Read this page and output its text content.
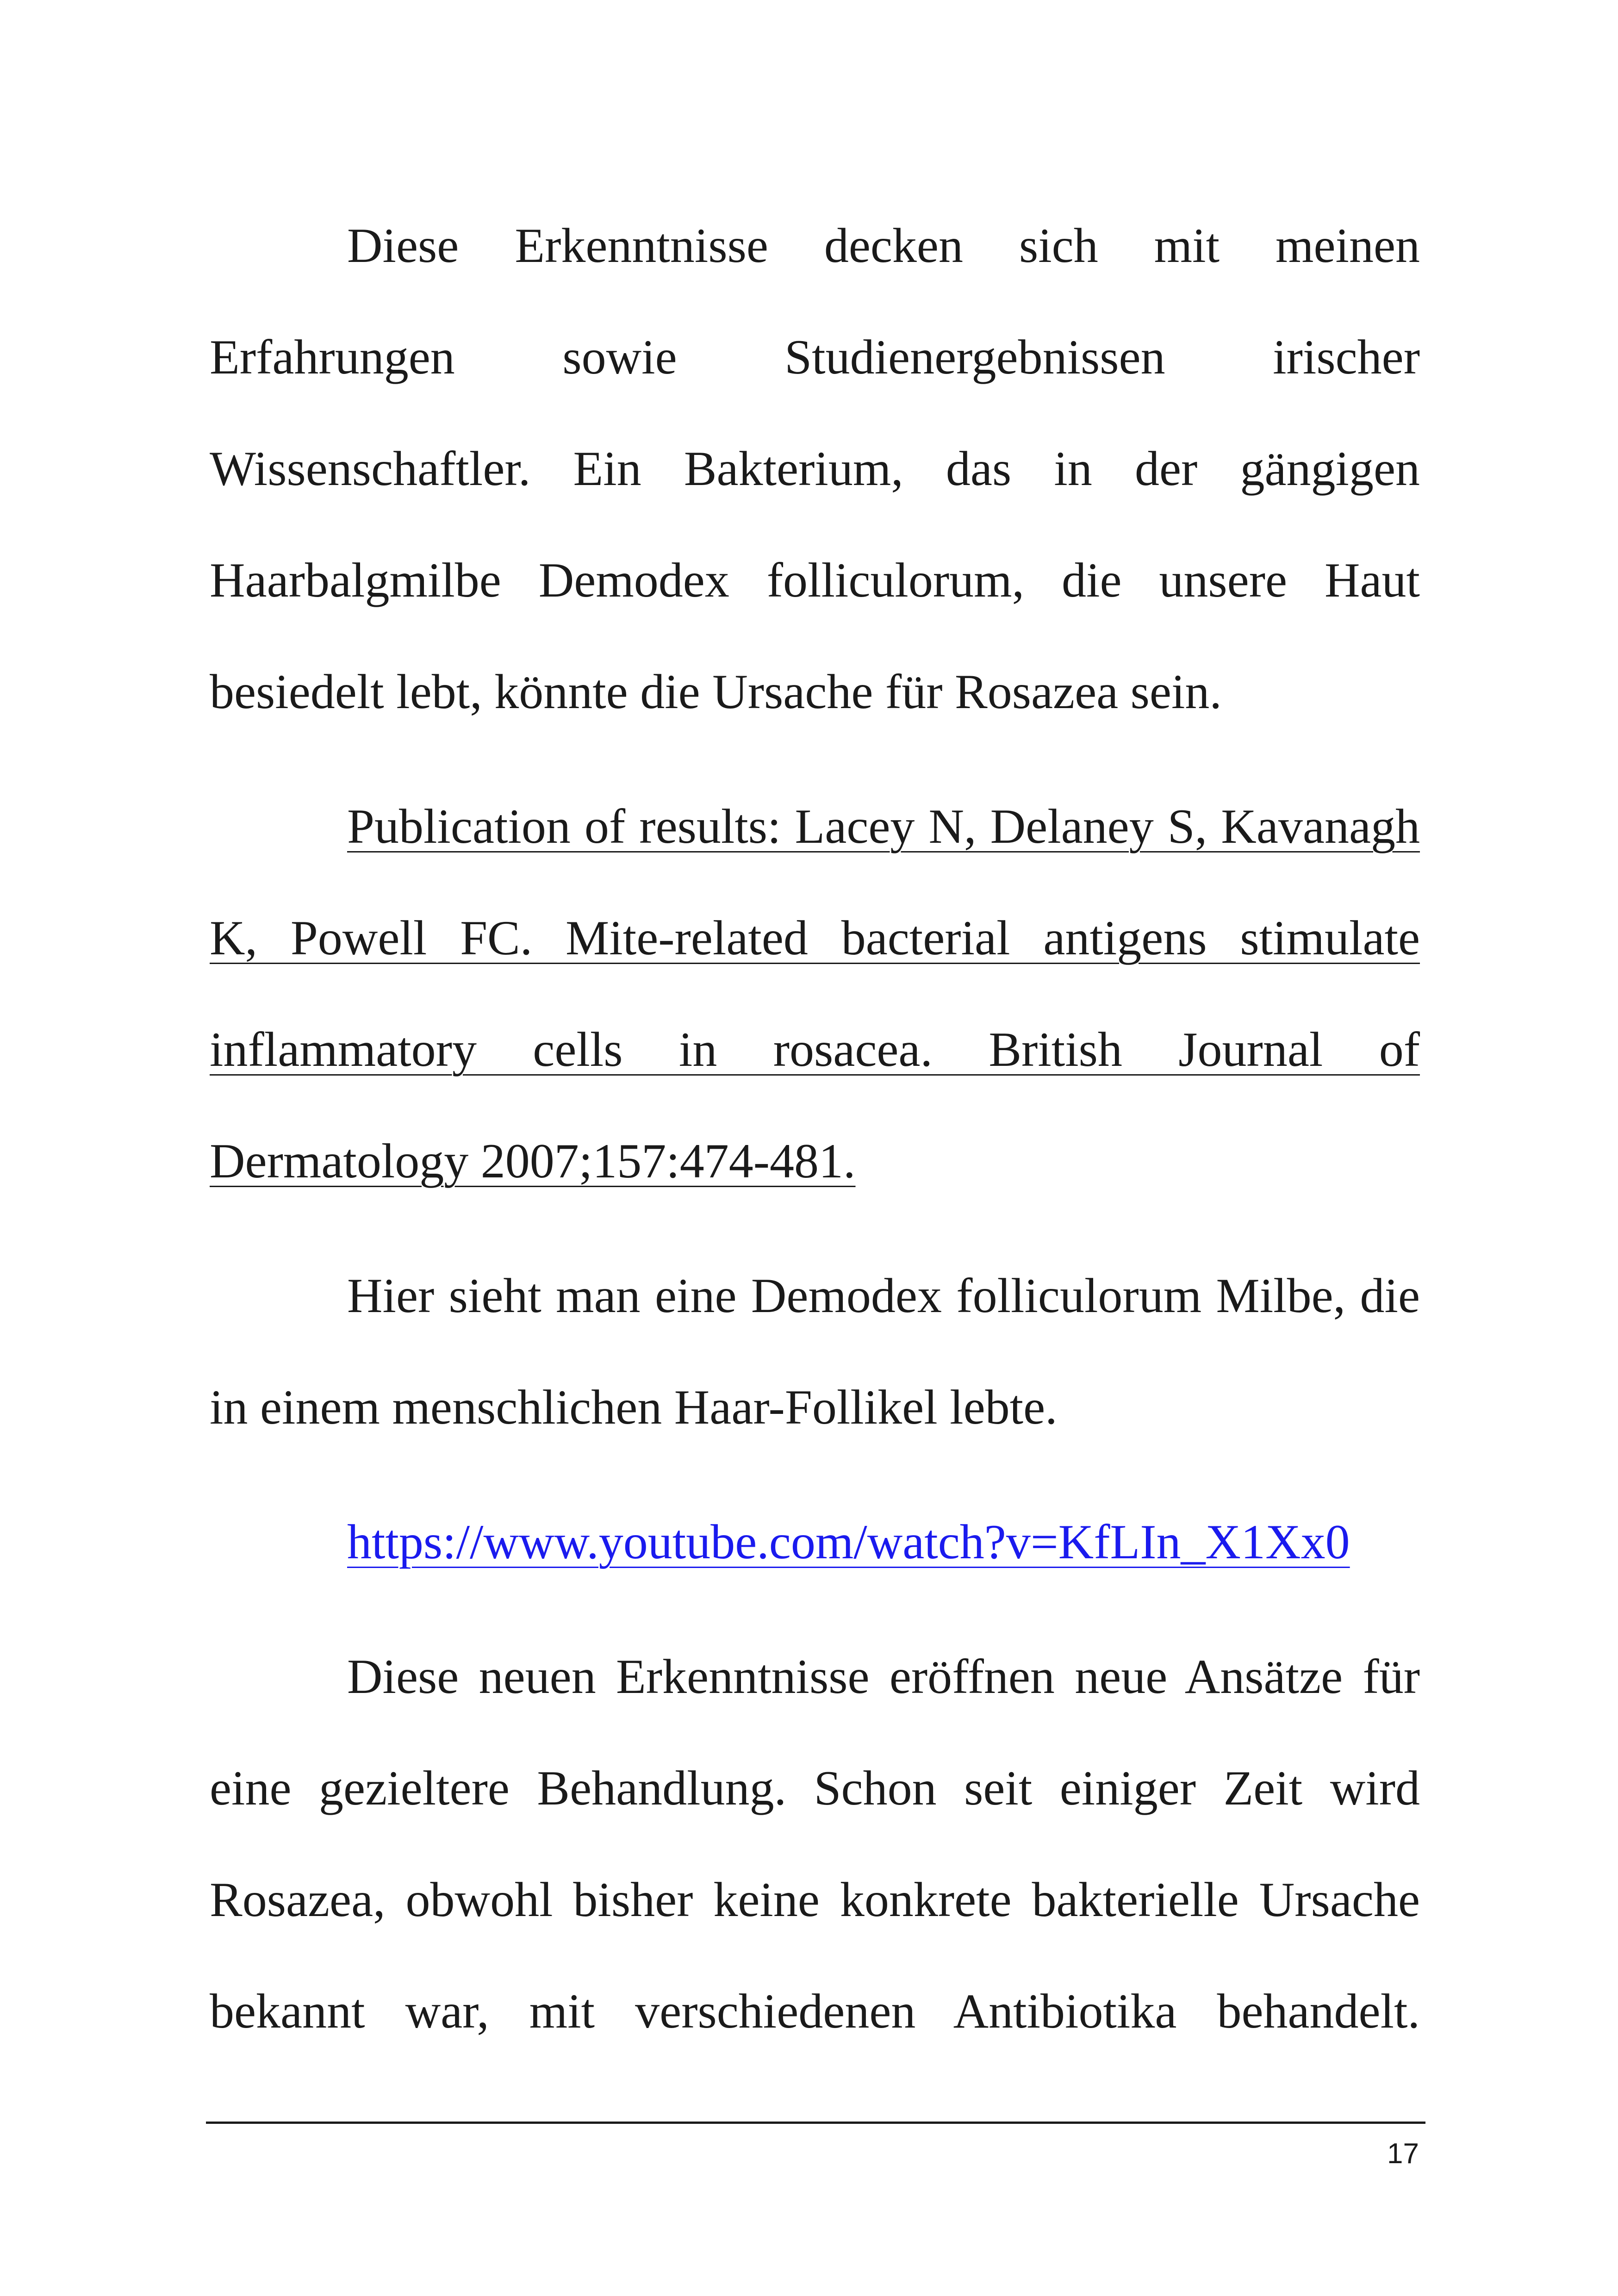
Diese Erkenntnisse decken sich mit meinen Erfahrungen sowie Studienergebnissen irischer Wissenschaftler. Ein Bakterium, das in der gängigen Haarbalgmilbe Demodex folliculorum, die unsere Haut besiedelt lebt, könnte die Ursache für Rosazea sein.

Publication of results: Lacey N, Delaney S, Kavanagh K, Powell FC. Mite-related bacterial antigens stimulate inflammatory cells in rosacea. British Journal of Dermatology 2007;157:474-481.

Hier sieht man eine Demodex folliculorum Milbe, die in einem menschlichen Haar-Follikel lebte.

https://www.youtube.com/watch?v=KfLIn_X1Xx0

Diese neuen Erkenntnisse eröffnen neue Ansätze für eine gezieltere Behandlung. Schon seit einiger Zeit wird Rosazea, obwohl bisher keine konkrete bakterielle Ursache bekannt war, mit verschiedenen Antibiotika behandelt.

17
